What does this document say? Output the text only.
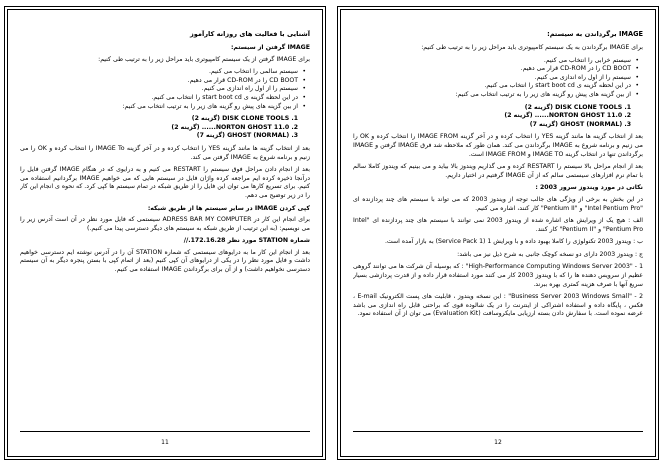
آشنایی با فعالیت های روزانه کارآموز
IMAGE گرفتن از سیستم:

برای IMAGE گرفتن از یک سیستم کامپیوتری باید مراحل زیر را به ترتیب طی کنیم:

• سیستم سالمی را انتخاب می کنیم.
• CD BOOT را در CD-ROM قرار می دهیم.
• سیستم را از اول راه اندازی می کنیم.
• در این لحظه گزینه ی start boot cd را انتخاب می کنیم.
• از بین گزینه های پیش رو گزینه های زیر را به ترتیب انتخاب می کنیم:
1. DISK CLONE TOOLS (گزینه 2)
2. NORTON GHOST 11.0...... (گزینه 2)
3. GHOST (NORMAL) (گزینه 7)

بعد از انتخاب گزینه ها مانند گزینه YES را انتخاب کرده و در آخر گزینه IMAGE To را انتخاب کرده و OK را می زنیم و برنامه شروع به IMAGE گرفتن می کند.

بعد از انجام دادن مراحل فوق سیستم را RESTART می کنیم و به درایوی که در هنگام IMAGE گرفتن فایل را درآنجا ذخیره کرده ایم مراجعه کرده واژان فایل در سیستم هایی که می خواهیم IMAGE برگردانیم استفاده می کنیم. برای تسریع کارها می توان این فایل را از طریق شبکه در تمام سیستم ها کپی کرد. که نحوه ی انجام این کار را در زیر توضیح می دهم.

کپی کردن IMAGE در سایر سیستم ها از طریق شبکه:

برای انجام این کار در ADRESS BAR MY COMPUTER سیستمی که فایل مورد نظر در آن است آدرس زیر را می نویسیم: (به این ترتیب از طریق شبکه به سیستم های دیگر دسترسی پیدا می کنیم.)

شماره STATION مورد نظر 172.16.28.//

بعد از انجام این کار ما به درایوهای سیستمی که شماره STATION آن را در آدرس نوشته ایم دسترسی خواهیم داشت و فایل مورد نظر را در یکی از درایوهای آن کپی کنیم (بعد از اتمام کپی با بستن پنجره دیگر به آن سیستم دسترسی نخواهیم داشت) و از آن برای برگرداندن IMAGE استفاده می کنیم.

11
IMAGE برگرداندن به سیستم:

برای IMAGE برگرداندن به یک سیستم کامپیوتری باید مراحل زیر را به ترتیب طی کنیم:

• سیستم خرابی را انتخاب می کنیم.
• CD BOOT را در CD-ROM قرار می دهیم.
• سیستم را از اول راه اندازی می کنیم.
• در این لحظه گزینه ی start boot cd را انتخاب می کنیم.
• از بین گزینه های پیش رو گزینه های زیر را به ترتیب انتخاب می کنیم:
1. DISK CLONE TOOLS (گزینه 2)
2. NORTON GHOST 11.0...... (گزینه 2)
3. GHOST (NORMAL) (گزینه 7)

بعد از انتخاب گزینه ها مانند گزینه YES را انتخاب کرده و در آخر گزینه IMAGE FROM را انتخاب کرده و OK را می زنیم و برنامه شروع به IMAGE برگرداندن می کند. همان طور که ملاحظه شد فرق IMAGE گرفتن و IMAGE برگرداندن تنها در انتخاب گزینه IMAGE TO و IMAGE FROM است.

بعد از انجام مراحل بالا سیستم را RESTART کرده و می گذاریم ویندوز بالا بیاید و می بینیم که ویندوز کاملا سالم با تمام نرم افزارهای سیستمی سالم که از آن IMAGE گرفتیم در اختیار داریم.

نکاتی در مورد ویندوز سرور 2003 :

در این بخش به برخی از ویژگی های جالب توجه از ویندوز 2003 که می تواند با سیستم های چند پردازنده ای "Intel Pentium Pro" و "Pentium II" کار کنند، اشاره می کنیم.

الف : هیچ یک از ویرایش های اشاره شده از ویندوز 2003 نمی توانند با سیستم های چند پردازنده ای "Intel Pentium Pro" و "Pentium II" کار کنند.

ب : ویندوز 2003 تکنولوژی را کاملا بهبود داده و با ویرایش 1 (Service Pack 1) به بازار آمده است.

ج : ویندوز 2003 دارای دو نسخه کوچک جانبی به شرح ذیل نیز می باشد:

1 - "High-Performance Computing Windows Server 2003" : که بوسیله آن شرکت ها می توانند گروهی عظیم از سرویس دهنده ها را که با ویندوز 2003 کار می کنند مورد استفاده قرار داده و از قدرت پردازشی بسیار سریع آنها با صرف هزینه کمتری بهره ببرند.

2 - "Business Server 2003 Windows Small" : این نسخه ویندوز ، قابلیت های پست الکترونیک E-mail ، فکس ، پایگاه داده و استفاده اشتراکی از اینترنت را در یک شالوده قوی که براحتی قابل راه اندازی می باشد عرضه نموده است. با سفارش دادن بسته ارزیابی مایکروسافت (Evaluation Kit) می توان از آن استفاده نمود.

12
